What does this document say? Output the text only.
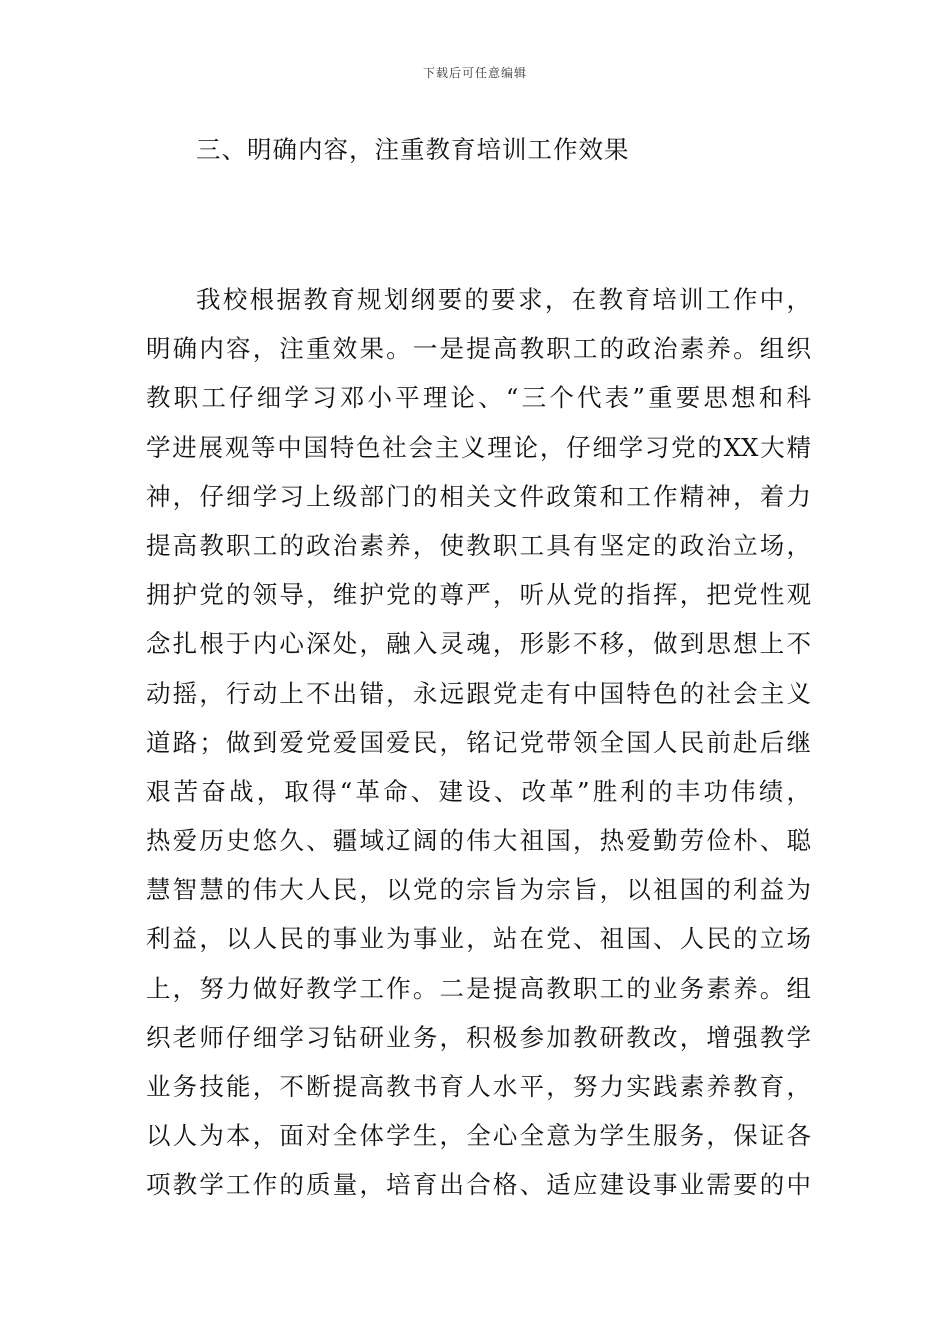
下载后可任意编辑
三、明确内容，注重教育培训工作效果
我校根据教育规划纲要的要求，在教育培训工作中，
明确内容，注重效果。一是提高教职工的政治素养。组织
教职工仔细学习邓小平理论、“三个代表”重要思想和科
学进展观等中国特色社会主义理论，仔细学习党的XX大精
神，仔细学习上级部门的相关文件政策和工作精神，着力
提高教职工的政治素养，使教职工具有坚定的政治立场，
拥护党的领导，维护党的尊严，听从党的指挥，把党性观
念扎根于内心深处，融入灵魂，形影不移，做到思想上不
动摇，行动上不出错，永远跟党走有中国特色的社会主义
道路；做到爱党爱国爱民，铭记党带领全国人民前赴后继
艰苦奋战，取得“革命、建设、改革”胜利的丰功伟绩，
热爱历史悠久、疆域辽阔的伟大祖国，热爱勤劳俭朴、聪
慧智慧的伟大人民，以党的宗旨为宗旨，以祖国的利益为
利益，以人民的事业为事业，站在党、祖国、人民的立场
上，努力做好教学工作。二是提高教职工的业务素养。组
织老师仔细学习钻研业务，积极参加教研教改，增强教学
业务技能，不断提高教书育人水平，努力实践素养教育，
以人为本，面对全体学生，全心全意为学生服务，保证各
项教学工作的质量，培育出合格、适应建设事业需要的中
